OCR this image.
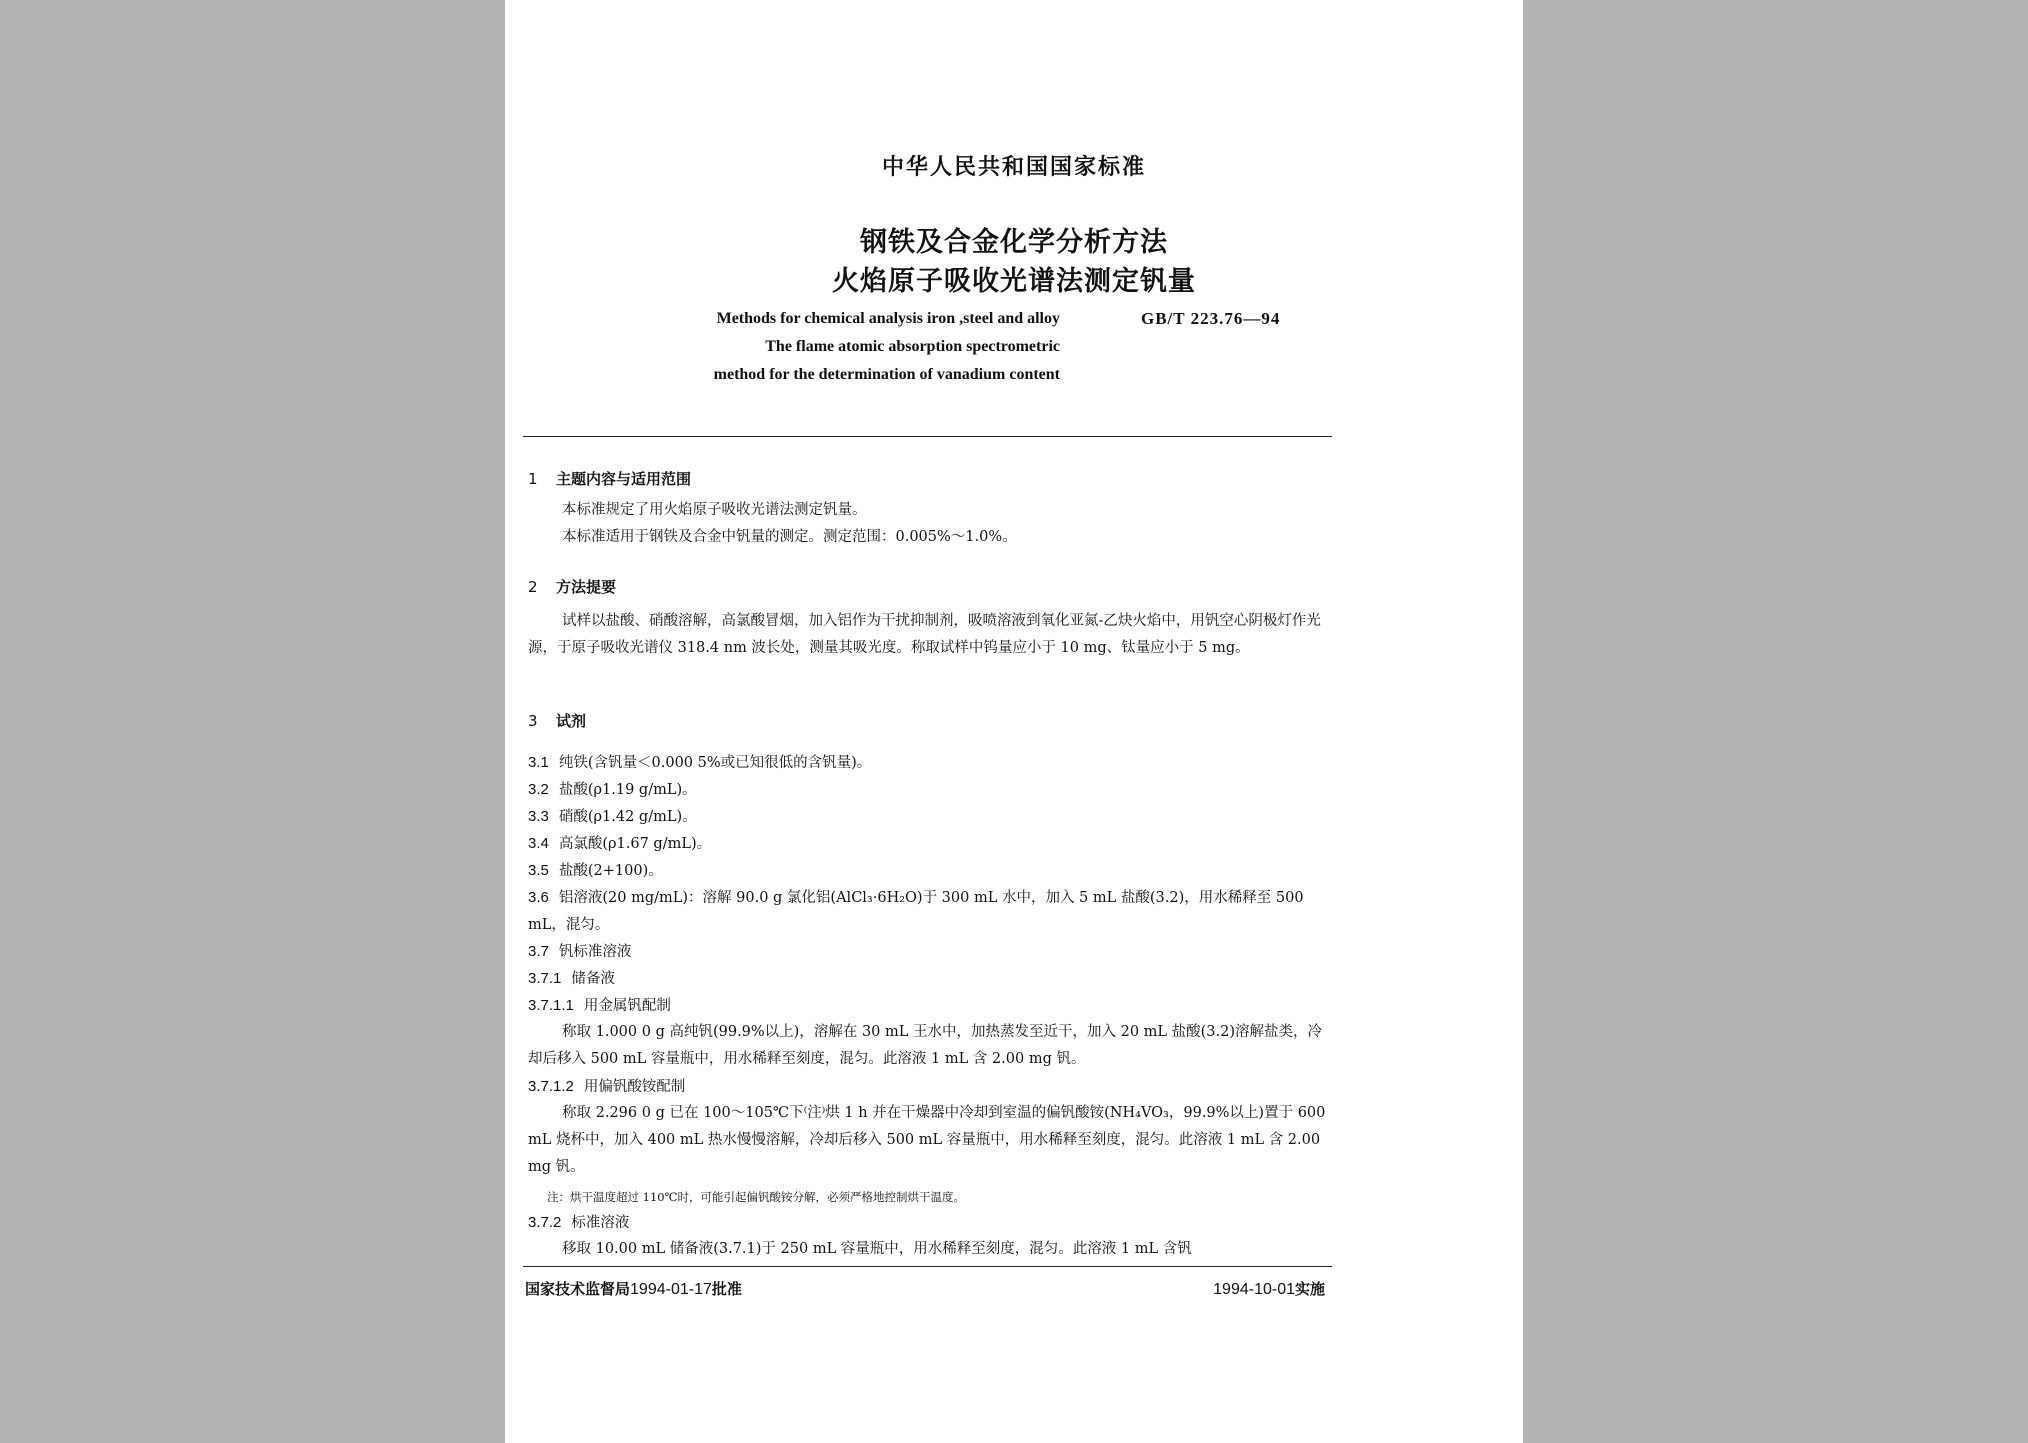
中华人民共和国国家标准
钢铁及合金化学分析方法
火焰原子吸收光谱法测定钒量
Methods for chemical analysis iron ,steel and alloy
The flame atomic absorption spectrometric
method for the determination of vanadium content
GB/T 223.76—94
1 主题内容与适用范围
本标准规定了用火焰原子吸收光谱法测定钒量。
本标准适用于钢铁及合金中钒量的测定。测定范围：0.005%～1.0%。
2 方法提要
试样以盐酸、硝酸溶解，高氯酸冒烟，加入铝作为干扰抑制剂，吸喷溶液到氧化亚氮-乙炔火焰中，用钒空心阴极灯作光源，于原子吸收光谱仪 318.4 nm 波长处，测量其吸光度。称取试样中钨量应小于 10 mg、钛量应小于 5 mg。
3 试剂
3.1 纯铁(含钒量＜0.000 5%或已知很低的含钒量)。
3.2 盐酸(ρ1.19 g/mL)。
3.3 硝酸(ρ1.42 g/mL)。
3.4 高氯酸(ρ1.67 g/mL)。
3.5 盐酸(2+100)。
3.6 铝溶液(20 mg/mL)：溶解 90.0 g 氯化铝(AlCl₃·6H₂O)于 300 mL 水中，加入 5 mL 盐酸(3.2)，用水稀释至 500 mL，混匀。
3.7 钒标准溶液
3.7.1 储备液
3.7.1.1 用金属钒配制
称取 1.000 0 g 高纯钒(99.9%以上)，溶解在 30 mL 王水中，加热蒸发至近干，加入 20 mL 盐酸(3.2)溶解盐类，冷却后移入 500 mL 容量瓶中，用水稀释至刻度，混匀。此溶液 1 mL 含 2.00 mg 钒。
3.7.1.2 用偏钒酸铵配制
称取 2.296 0 g 已在 100～105℃下⁽注⁾烘 1 h 并在干燥器中冷却到室温的偏钒酸铵(NH₄VO₃，99.9%以上)置于 600 mL 烧杯中，加入 400 mL 热水慢慢溶解，冷却后移入 500 mL 容量瓶中，用水稀释至刻度，混匀。此溶液 1 mL 含 2.00 mg 钒。
注：烘干温度超过 110℃时，可能引起偏钒酸铵分解，必须严格地控制烘干温度。
3.7.2 标准溶液
移取 10.00 mL 储备液(3.7.1)于 250 mL 容量瓶中，用水稀释至刻度，混匀。此溶液 1 mL 含钒
国家技术监督局1994-01-17批准	1994-10-01实施
